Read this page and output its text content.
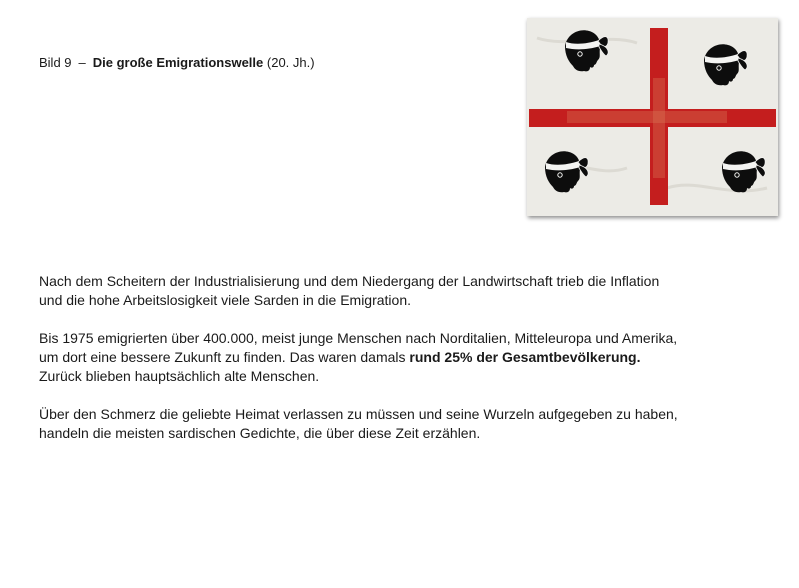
Bild 9 – Die große Emigrationswelle (20. Jh.)

Nach dem Scheitern der Industrialisierung und dem Niedergang der Landwirtschaft trieb die Inflation
und die hohe Arbeitslosigkeit viele Sarden in die Emigration.

Bis 1975 emigrierten über 400.000, meist junge Menschen nach Norditalien, Mitteleuropa und Amerika,
um dort eine bessere Zukunft zu finden. Das waren damals rund 25% der Gesamtbevölkerung.
Zurück blieben hauptsächlich alte Menschen.

Über den Schmerz die geliebte Heimat verlassen zu müssen und seine Wurzeln aufgegeben zu haben,
handeln die meisten sardischen Gedichte, die über diese Zeit erzählen.
